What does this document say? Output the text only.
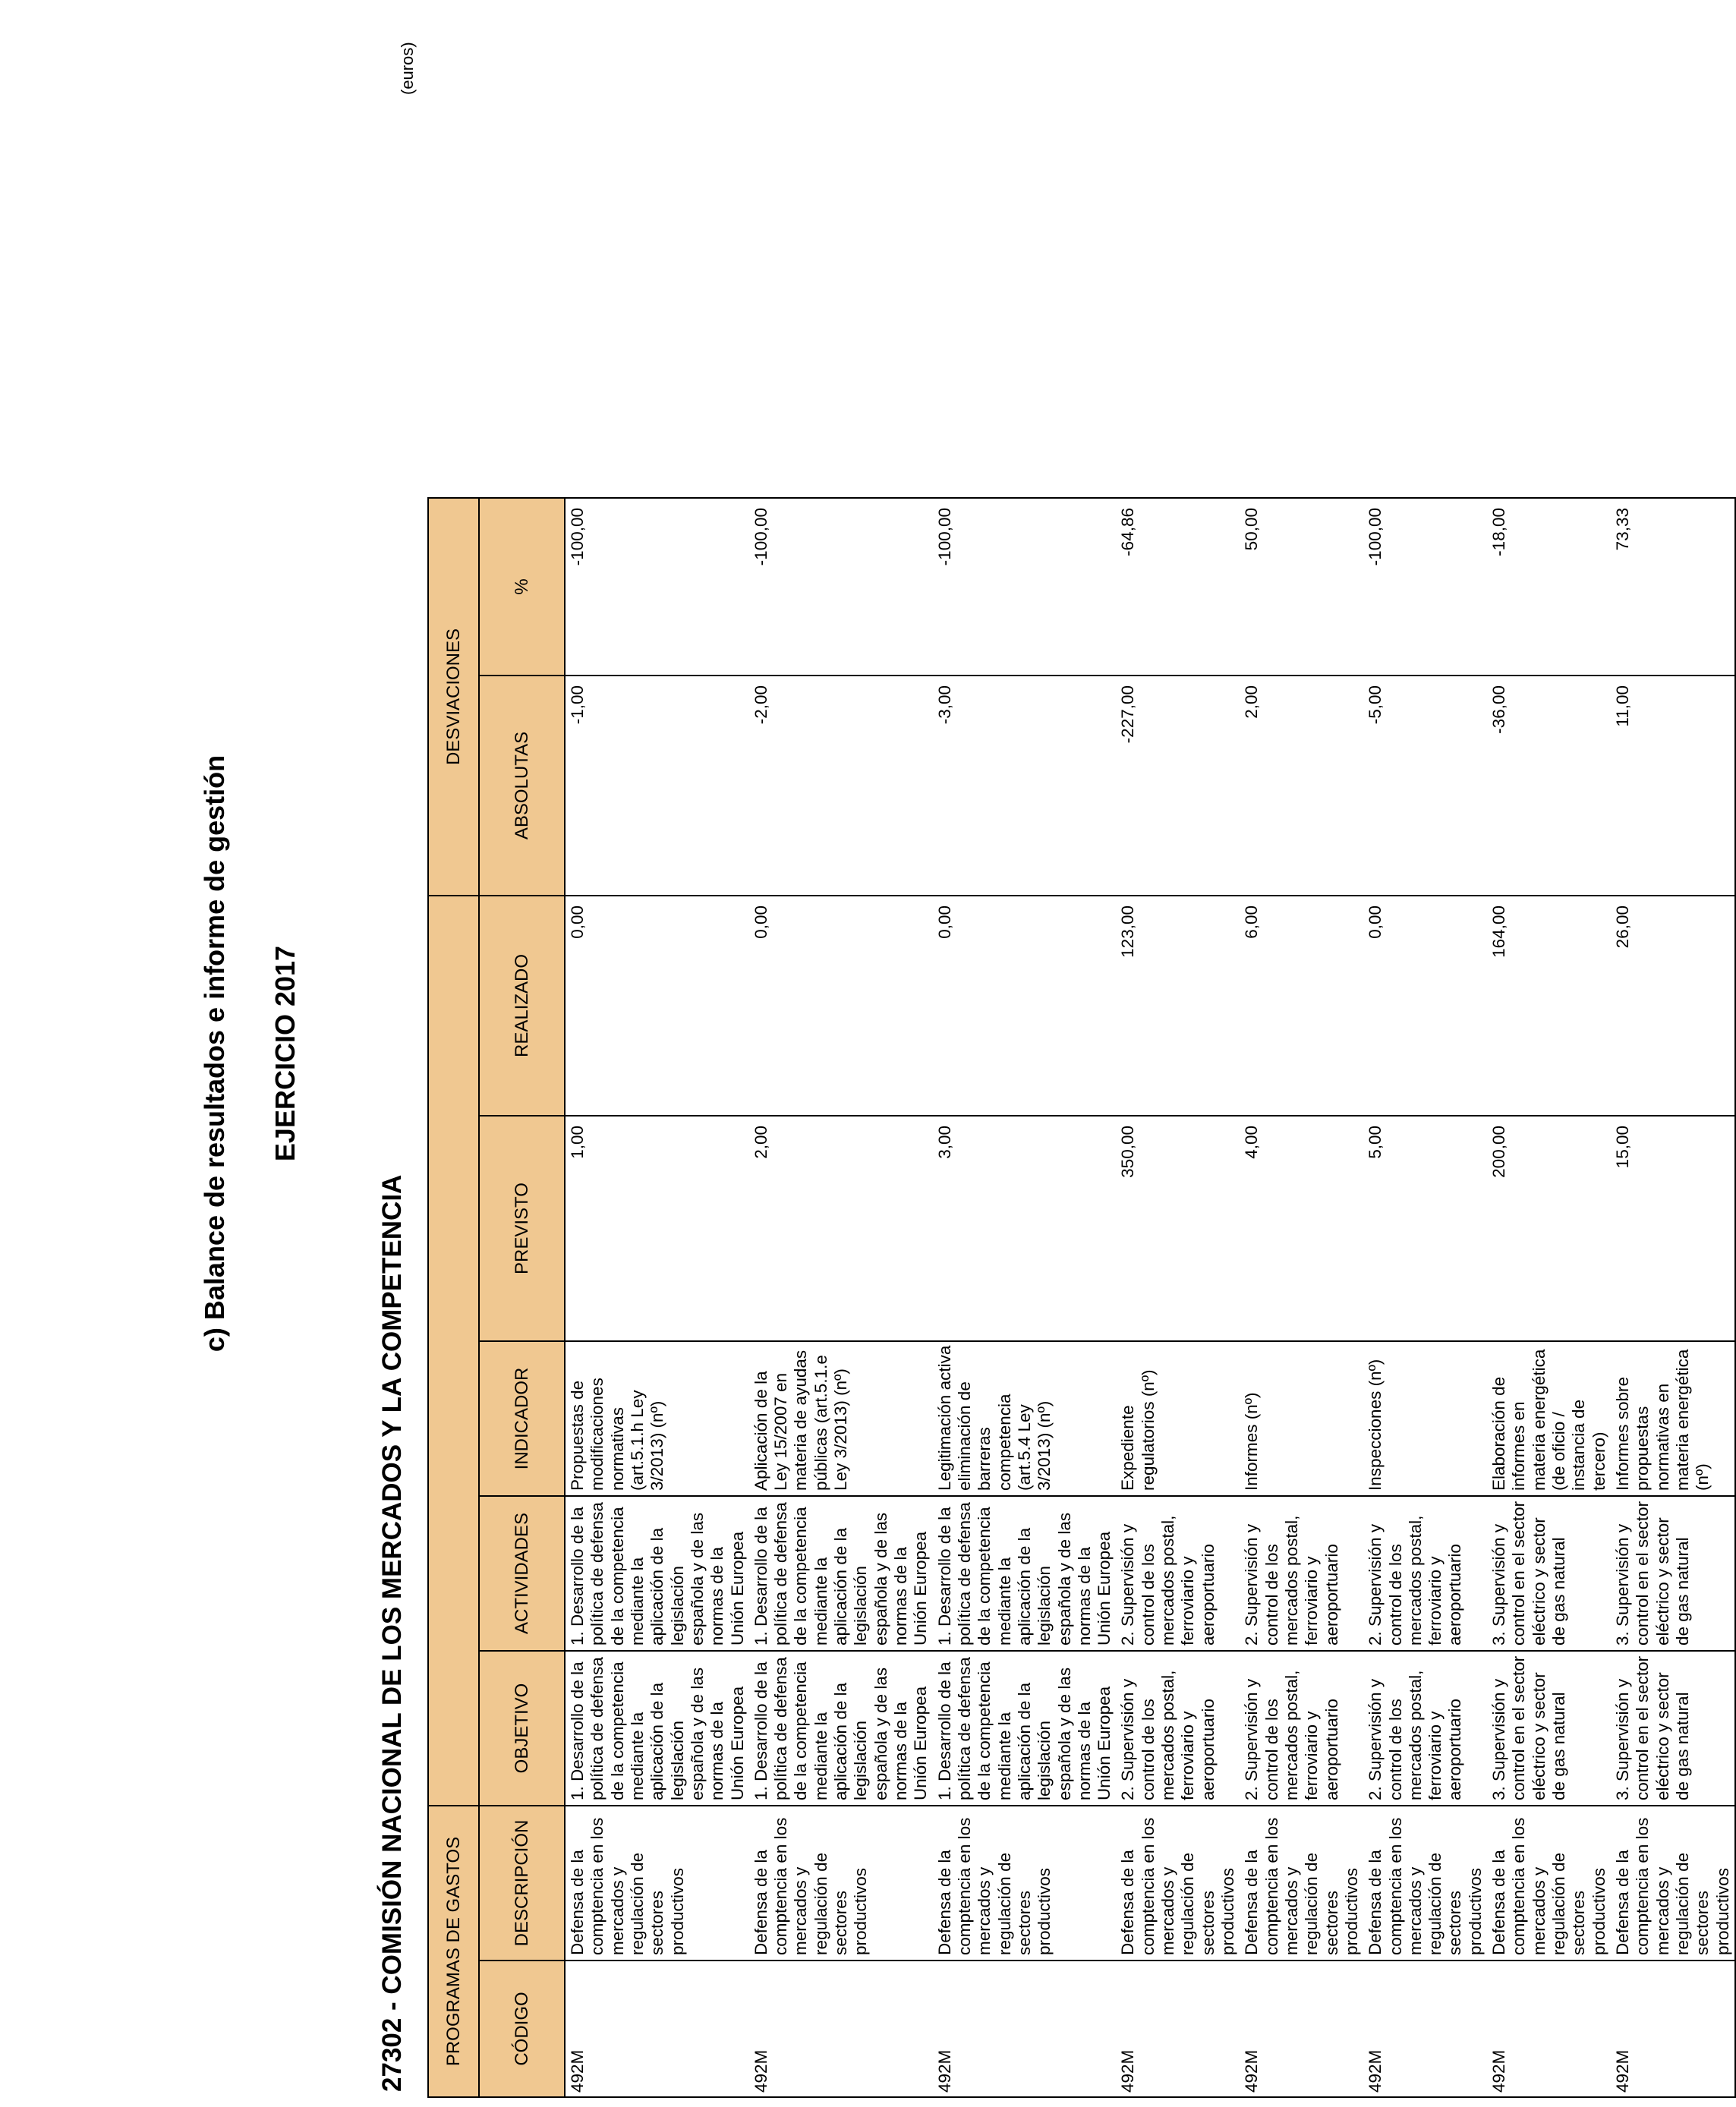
c) Balance de resultados e informe de gestión EJERCICIO 2017
27302 - COMISIÓN NACIONAL DE LOS MERCADOS Y LA COMPETENCIA
(euros)
PROGRAMAS DE GASTOS							DESVIACIONES	
CÓDIGO	DESCRIPCIÓN	OBJETIVO	ACTIVIDADES	INDICADOR	PREVISTO	REALIZADO	ABSOLUTAS	%
492M	Defensa de la comptencia en los mercados y regulación de sectores productivos	1. Desarrollo de la política de defensa de la competencia mediante la aplicación de la legislación española y de las normas de la Unión Europea	1. Desarrollo de la política de defensa de la competencia mediante la aplicación de la legislación española y de las normas de la Unión Europea	Propuestas de modificaciones normativas (art.5.1.h Ley 3/2013) (nº)	1,00	0,00	-1,00	-100,00
492M	Defensa de la comptencia en los mercados y regulación de sectores productivos	1. Desarrollo de la política de defensa de la competencia mediante la aplicación de la legislación española y de las normas de la Unión Europea	1. Desarrollo de la política de defensa de la competencia mediante la aplicación de la legislación española y de las normas de la Unión Europea	Aplicación de la Ley 15/2007 en materia de ayudas públicas (art.5.1.e Ley 3/2013) (nº)	2,00	0,00	-2,00	-100,00
492M	Defensa de la comptencia en los mercados y regulación de sectores productivos	1. Desarrollo de la política de defensa de la competencia mediante la aplicación de la legislación española y de las normas de la Unión Europea	1. Desarrollo de la política de defensa de la competencia mediante la aplicación de la legislación española y de las normas de la Unión Europea	Legitimación activa eliminación de barreras competencia (art.5.4 Ley 3/2013) (nº)	3,00	0,00	-3,00	-100,00
492M	Defensa de la comptencia en los mercados y regulación de sectores productivos	2. Supervisión y control de los mercados postal, ferroviario y aeroportuario	2. Supervisión y control de los mercados postal, ferroviario y aeroportuario	Expediente regulatorios (nº)	350,00	123,00	-227,00	-64,86
492M	Defensa de la comptencia en los mercados y regulación de sectores productivos	2. Supervisión y control de los mercados postal, ferroviario y aeroportuario	2. Supervisión y control de los mercados postal, ferroviario y aeroportuario	Informes (nº)	4,00	6,00	2,00	50,00
492M	Defensa de la comptencia en los mercados y regulación de sectores productivos	2. Supervisión y control de los mercados postal, ferroviario y aeroportuario	2. Supervisión y control de los mercados postal, ferroviario y aeroportuario	Inspecciones (nº)	5,00	0,00	-5,00	-100,00
492M	Defensa de la comptencia en los mercados y regulación de sectores productivos	3. Supervisión y control en el sector eléctrico y sector de gas natural	3. Supervisión y control en el sector eléctrico y sector de gas natural	Elaboración de informes en materia energética (de oficio / instancia de tercero)	200,00	164,00	-36,00	-18,00
492M	Defensa de la comptencia en los mercados y regulación de sectores productivos	3. Supervisión y control en el sector eléctrico y sector de gas natural	3. Supervisión y control en el sector eléctrico y sector de gas natural	Informes sobre propuestas normativas en materia energética (nº)	15,00	26,00	11,00	73,33
